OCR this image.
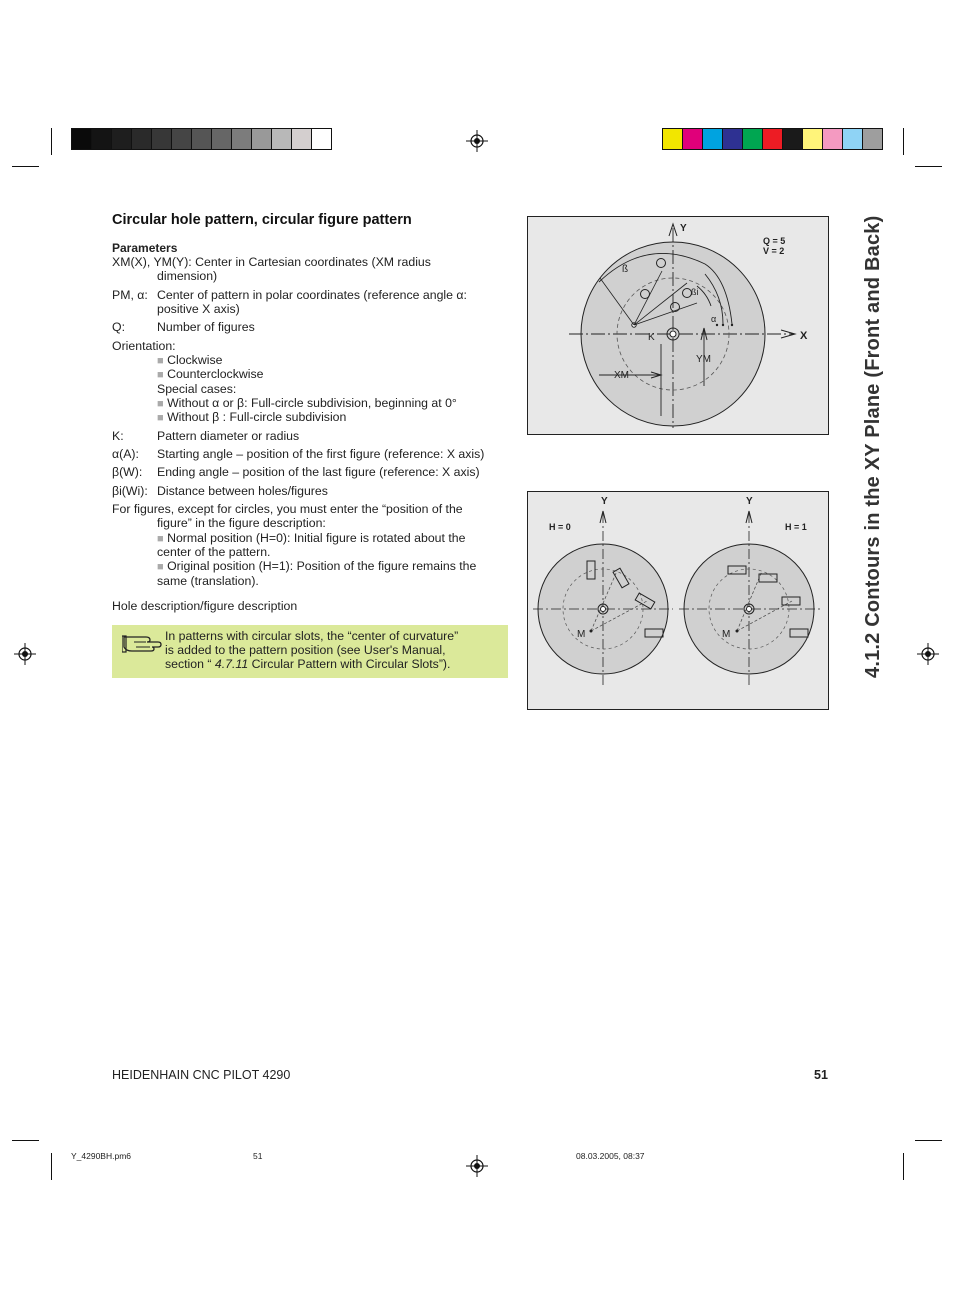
Circular hole pattern, circular figure pattern
Parameters
XM(X), YM(Y): Center in Cartesian coordinates (XM radius
dimension)
PM, α: Center of pattern in polar coordinates (reference angle α:
positive X axis)
Q:	Number of figures
Orientation:
■ Clockwise
■ Counterclockwise
Special cases:
■ Without α or β: Full-circle subdivision, beginning at 0°
■ Without β : Full-circle subdivision
K:	Pattern diameter or radius
α(A): Starting angle – position of the first figure (reference: X axis)
β(W): Ending angle – position of the last figure (reference: X axis)
βi(Wi): Distance between holes/figures
For figures, except for circles, you must enter the “position of the
figure” in the figure description:
■ Normal position (H=0): Initial figure is rotated about the
center of the pattern.
■ Original position (H=1): Position of the figure remains the
same (translation).
Hole description/figure description
In patterns with circular slots, the “center of curvature”
is added to the pattern position (see User's Manual,
section “ 4.7.11 Circular Pattern with Circular Slots”).
Y
X
Q = 5
V = 2
ß
ßi
α
K
YM
XM
Y
H = 0
M
Y
H = 1
M	4.1.2 Contours in the XY Plane (Front and Back)
HEIDENHAIN CNC PILOT 4290	51
Y_4290BH.pm6	51	08.03.2005, 08:37
